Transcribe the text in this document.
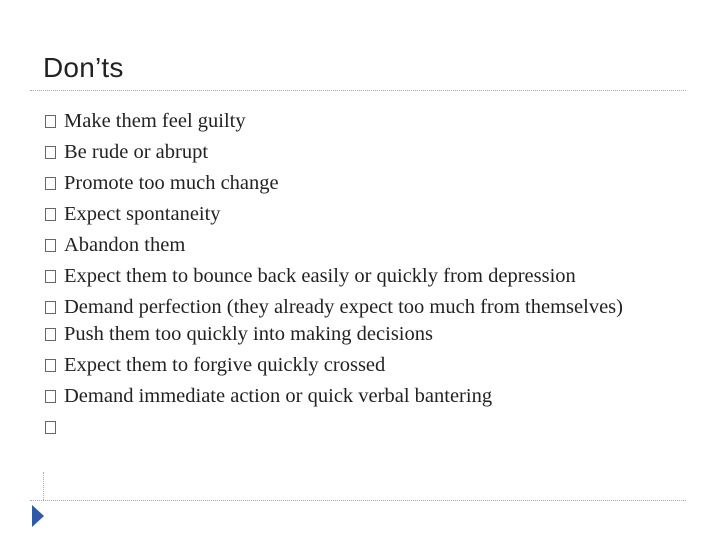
Don’ts
Make them feel guilty
Be rude or abrupt
Promote too much change
Expect spontaneity
Abandon them
Expect them to bounce back easily or quickly from depression
Demand perfection (they already expect too much from themselves)
Push them too quickly into making decisions
Expect them to forgive quickly crossed
Demand immediate action or quick verbal bantering
